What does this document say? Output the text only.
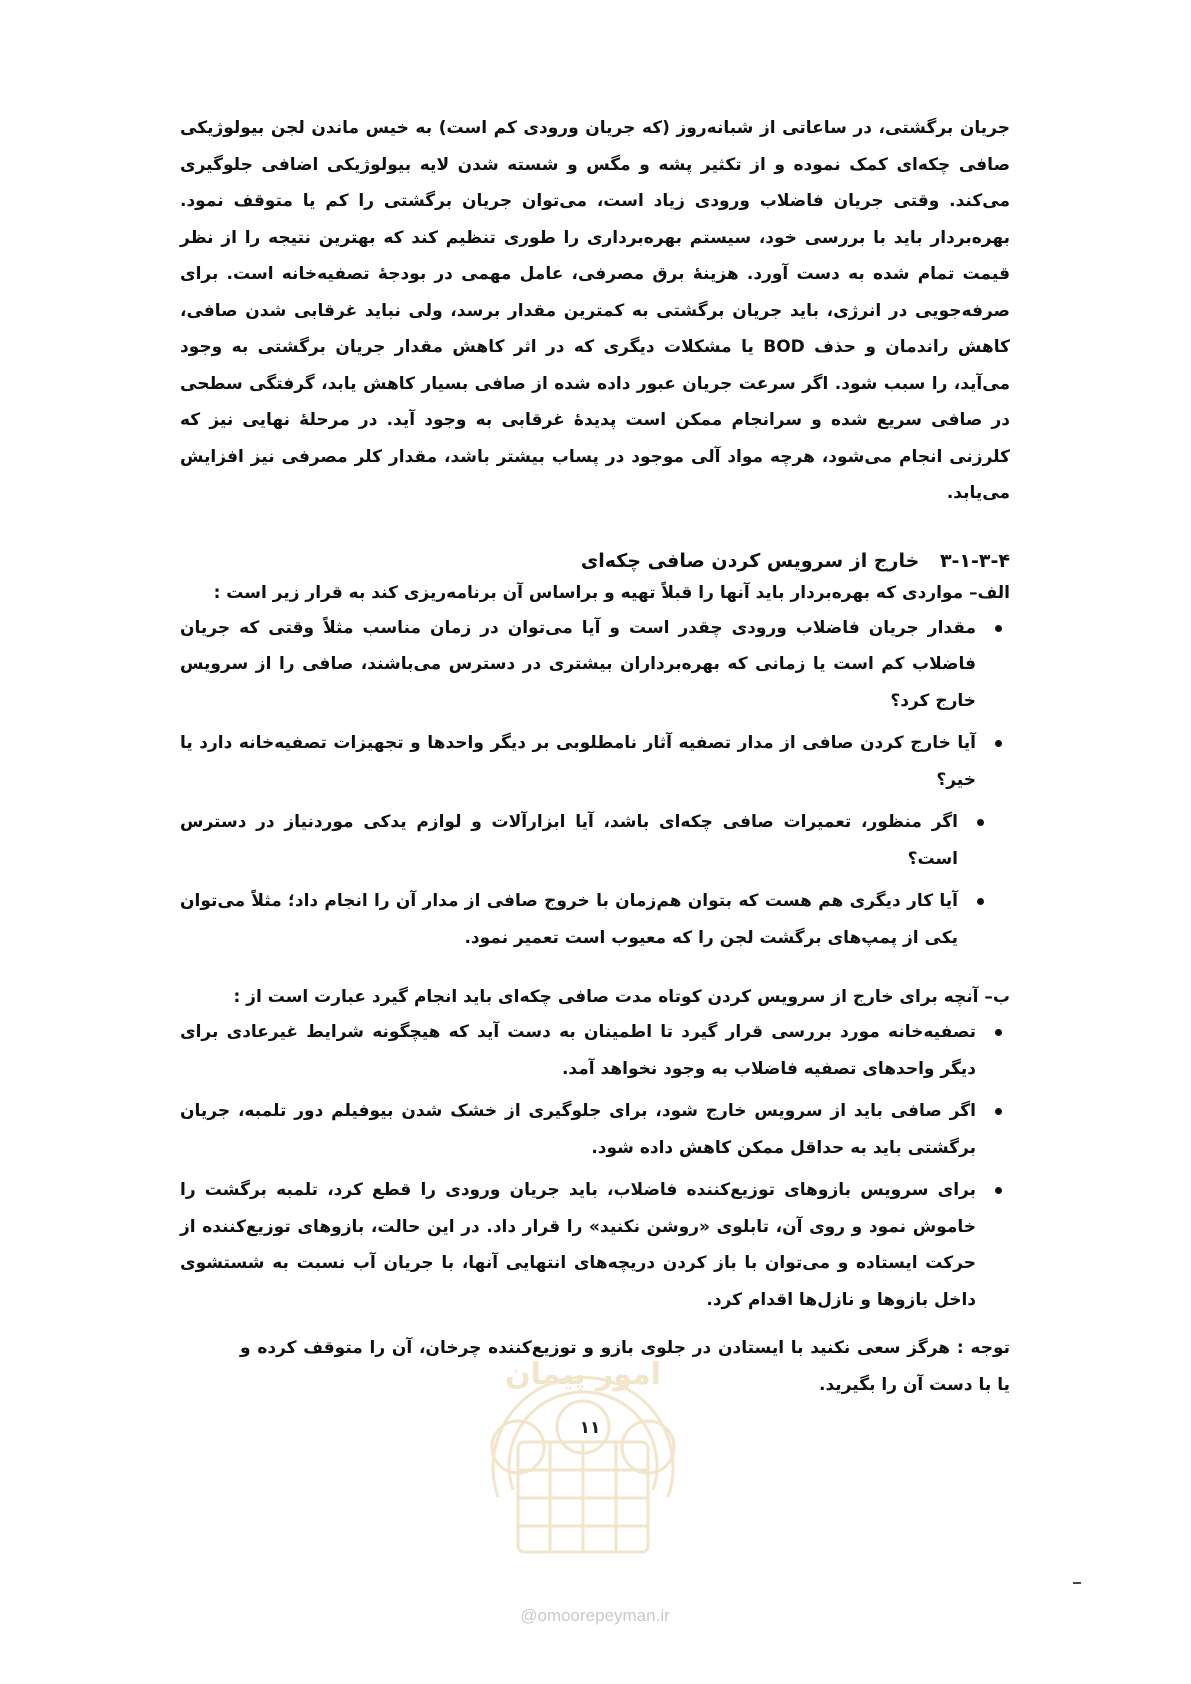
جریان برگشتی، در ساعاتی از شبانه‌روز (که جریان ورودی کم است) به خیس ماندن لجن بیولوژیکی صافی چکه‌ای کمک نموده و از تکثیر پشه و مگس و شسته شدن لایه بیولوژیکی اضافی جلوگیری می‌کند. وقتی جریان فاضلاب ورودی زیاد است، می‌توان جریان برگشتی را کم یا متوقف نمود. بهره‌بردار باید با بررسی خود، سیستم بهره‌برداری را طوری تنظیم کند که بهترین نتیجه را از نظر قیمت تمام شده به دست آورد. هزینهٔ برق مصرفی، عامل مهمی در بودجهٔ تصفیه‌خانه است. برای صرفه‌جویی در انرژی، باید جریان برگشتی به کمترین مقدار برسد، ولی نباید غرقابی شدن صافی، کاهش راندمان و حذف BOD یا مشکلات دیگری که در اثر کاهش مقدار جریان برگشتی به وجود می‌آید، را سبب شود. اگر سرعت جریان عبور داده شده از صافی بسیار کاهش یابد، گرفتگی سطحی در صافی سریع شده و سرانجام ممکن است پدیدهٔ غرقابی به وجود آید. در مرحلهٔ نهایی نیز که کلرزنی انجام می‌شود، هرچه مواد آلی موجود در پساب بیشتر باشد، مقدار کلر مصرفی نیز افزایش می‌یابد.

۳-۱-۳-۴ خارج از سرویس کردن صافی چکه‌ای

الف– مواردی که بهره‌بردار باید آنها را قبلاً تهیه و براساس آن برنامه‌ریزی کند به قرار زیر است :

مقدار جریان فاضلاب ورودی چقدر است و آیا می‌توان در زمان مناسب مثلاً وقتی که جریان فاضلاب کم است یا زمانی که بهره‌برداران بیشتری در دسترس می‌باشند، صافی را از سرویس خارج کرد؟
آیا خارج کردن صافی از مدار تصفیه آثار نامطلوبی بر دیگر واحدها و تجهیزات تصفیه‌خانه دارد یا خیر؟
اگر منظور، تعمیرات صافی چکه‌ای باشد، آیا ابزارآلات و لوازم یدکی موردنیاز در دسترس است؟
آیا کار دیگری هم هست که بتوان هم‌زمان با خروج صافی از مدار آن را انجام داد؛ مثلاً می‌توان یکی از پمپ‌های برگشت لجن را که معیوب است تعمیر نمود.

ب– آنچه برای خارج از سرویس کردن کوتاه مدت صافی چکه‌ای باید انجام گیرد عبارت است از :

تصفیه‌خانه مورد بررسی قرار گیرد تا اطمینان به دست آید که هیچگونه شرایط غیرعادی برای دیگر واحدهای تصفیه فاضلاب به وجود نخواهد آمد.
اگر صافی باید از سرویس خارج شود، برای جلوگیری از خشک شدن بیوفیلم دور تلمبه، جریان برگشتی باید به حداقل ممکن کاهش داده شود.
برای سرویس بازوهای توزیع‌کننده فاضلاب، باید جریان ورودی را قطع کرد، تلمبه برگشت را خاموش نمود و روی آن، تابلوی «روشن نکنید» را قرار داد. در این حالت، بازوهای توزیع‌کننده از حرکت ایستاده و می‌توان با باز کردن دریچه‌های انتهایی آنها، با جریان آب نسبت به شستشوی داخل بازوها و نازل‌ها اقدام کرد.

توجه : هرگز سعی نکنید با ایستادن در جلوی بازو و توزیع‌کننده چرخان، آن را متوقف کرده و یا با دست آن را بگیرید.

امور پیمان
۱۱
@omoorepeyman.ir
